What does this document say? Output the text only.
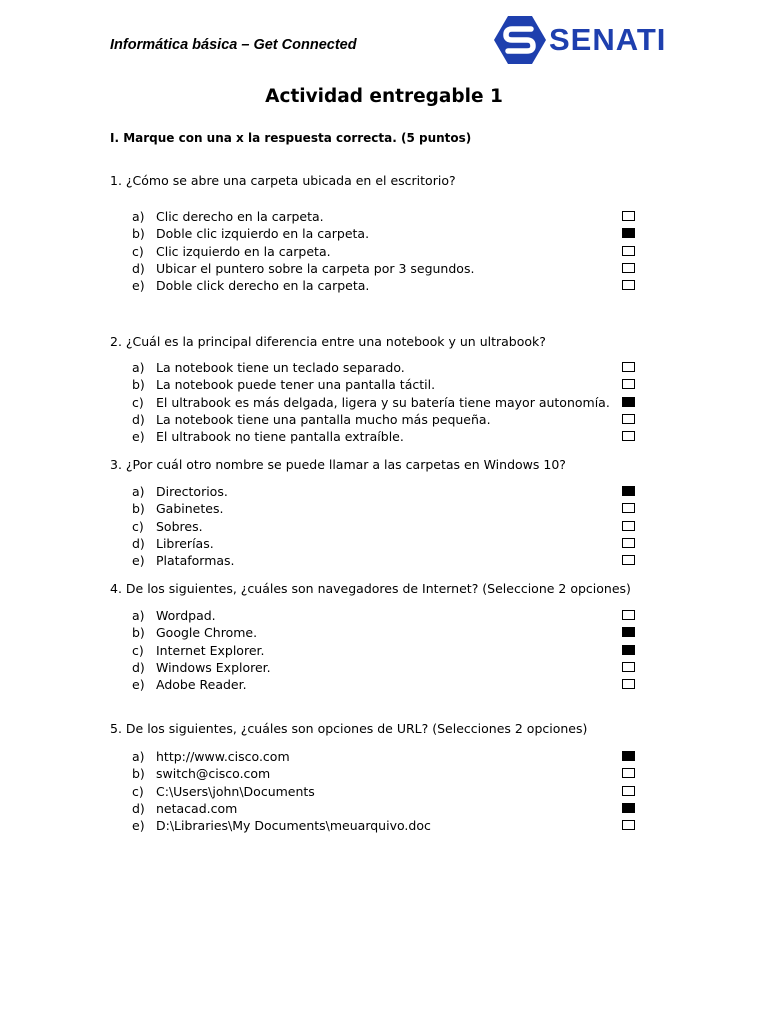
Informática básica – Get Connected	SENATI
Actividad entregable 1
I. Marque con una x la respuesta correcta. (5 puntos)
1. ¿Cómo se abre una carpeta ubicada en el escritorio?
a) Clic derecho en la carpeta.
b) Doble clic izquierdo en la carpeta.
c) Clic izquierdo en la carpeta.
d) Ubicar el puntero sobre la carpeta por 3 segundos.
e) Doble click derecho en la carpeta.
2. ¿Cuál es la principal diferencia entre una notebook y un ultrabook?
a) La notebook tiene un teclado separado.
b) La notebook puede tener una pantalla táctil.
c) El ultrabook es más delgada, ligera y su batería tiene mayor autonomía.
d) La notebook tiene una pantalla mucho más pequeña.
e) El ultrabook no tiene pantalla extraíble.
3. ¿Por cuál otro nombre se puede llamar a las carpetas en Windows 10?
a) Directorios.
b) Gabinetes.
c) Sobres.
d) Librerías.
e) Plataformas.
4. De los siguientes, ¿cuáles son navegadores de Internet? (Seleccione 2 opciones)
a) Wordpad.
b) Google Chrome.
c) Internet Explorer.
d) Windows Explorer.
e) Adobe Reader.
5. De los siguientes, ¿cuáles son opciones de URL? (Selecciones 2 opciones)
a) http://www.cisco.com
b) switch@cisco.com
c) C:\Users\john\Documents
d) netacad.com
e) D:\Libraries\My Documents\meuarquivo.doc
